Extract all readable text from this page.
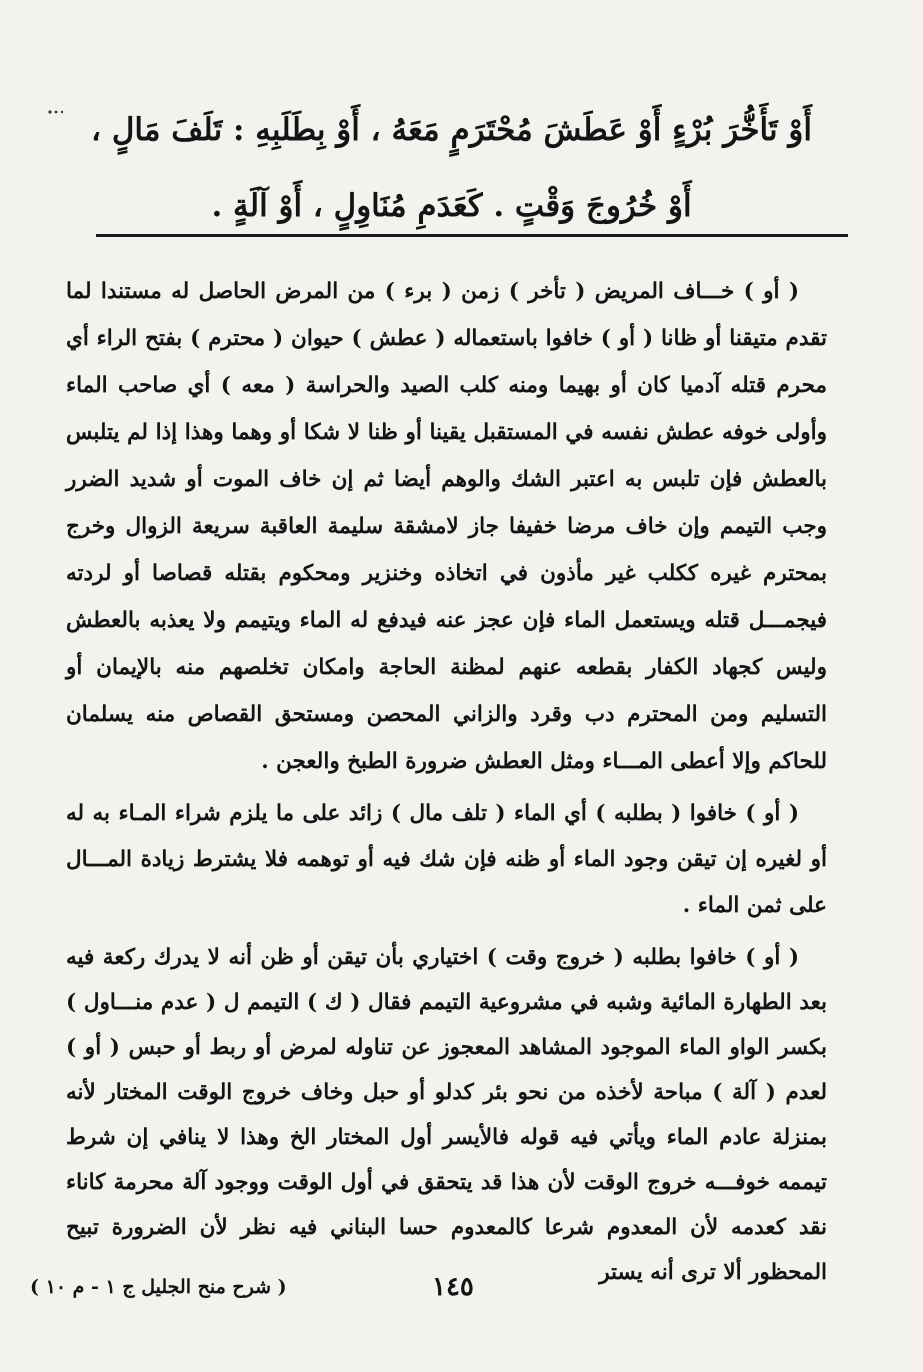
أَوْ تَأَخُّرَ بُرْءٍ أَوْ عَطَشَ مُحْتَرَمٍ مَعَهُ ، أَوْ بِطَلَبِهِ : تَلَفَ مَالٍ ،
أَوْ خُرُوجَ وَقْتٍ . كَعَدَمِ مُنَاوِلٍ ، أَوْ آلَةٍ .

( أو ) خـــاف المريض ( تأخر ) زمن ( برء ) من المرض الحاصل له مستندا لما تقدم متيقنا أو ظانا ( أو ) خافوا باستعماله ( عطش ) حيوان ( محترم ) بفتح الراء أي محرم قتله آدميا كان أو بهيما ومنه كلب الصيد والحراسة ( معه ) أي صاحب الماء وأولى خوفه عطش نفسه في المستقبل يقينا أو ظنا لا شكا أو وهما وهذا إذا لم يتلبس بالعطش فإن تلبس به اعتبر الشك والوهم أيضا ثم إن خاف الموت أو شديد الضرر وجب التيمم وإن خاف مرضا خفيفا جاز لامشقة سليمة العاقبة سريعة الزوال وخرج بمحترم غيره ككلب غير مأذون في اتخاذه وخنزير ومحكوم بقتله قصاصا أو لردته فيجمـــل قتله ويستعمل الماء فإن عجز عنه فيدفع له الماء ويتيمم ولا يعذبه بالعطش وليس كجهاد الكفار بقطعه عنهم لمظنة الحاجة وامكان تخلصهم منه بالإيمان أو التسليم ومن المحترم دب وقرد والزاني المحصن ومستحق القصاص منه يسلمان للحاكم وإلا أعطى المـــاء ومثل العطش ضرورة الطبخ والعجن .

( أو ) خافوا ( بطلبه ) أي الماء ( تلف مال ) زائد على ما يلزم شراء المـاء به له أو لغيره إن تيقن وجود الماء أو ظنه فإن شك فيه أو توهمه فلا يشترط زيادة المـــال على ثمن الماء .

( أو ) خافوا بطلبه ( خروج وقت ) اختياري بأن تيقن أو ظن أنه لا يدرك ركعة فيه بعد الطهارة المائية وشبه في مشروعية التيمم فقال ( ك ) التيمم ل ( عدم منـــاول ) بكسر الواو الماء الموجود المشاهد المعجوز عن تناوله لمرض أو ربط أو حبس ( أو ) لعدم ( آلة ) مباحة لأخذه من نحو بئر كدلو أو حبل وخاف خروج الوقت المختار لأنه بمنزلة عادم الماء ويأتي فيه قوله فالأيسر أول المختار الخ وهذا لا ينافي إن شرط تيممه خوفـــه خروج الوقت لأن هذا قد يتحقق في أول الوقت ووجود آلة محرمة كاناء نقد كعدمه لأن المعدوم شرعا كالمعدوم حسا البناني فيه نظر لأن الضرورة تبيح المحظور ألا ترى أنه يستر

١٤٥
( شرح منح الجليل ج ١ - م ١٠ )
